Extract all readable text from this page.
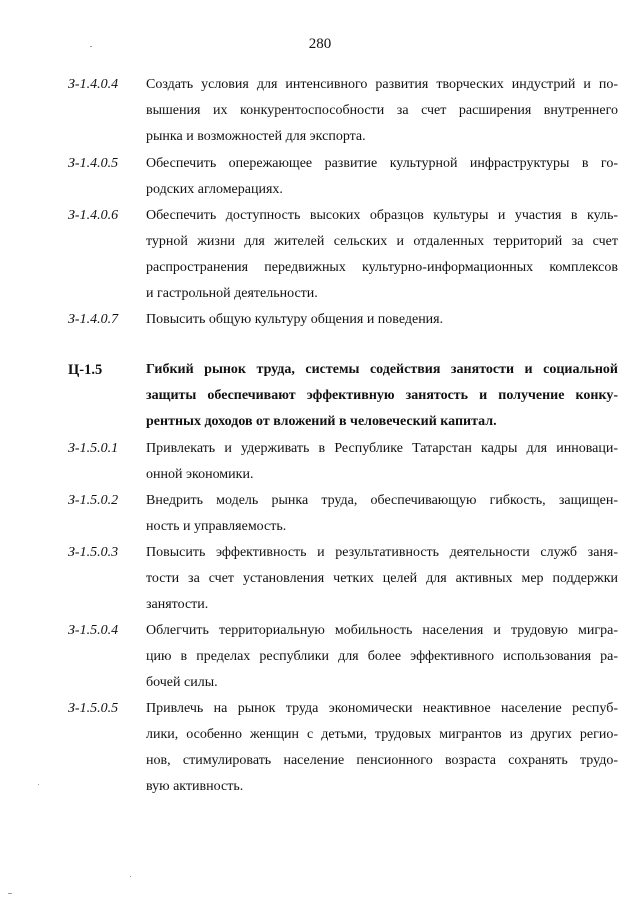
280
З-1.4.0.4 Создать условия для интенсивного развития творческих индустрий и по-
вышения их конкурентоспособности за счет расширения внутреннего
рынка и возможностей для экспорта.
З-1.4.0.5 Обеспечить опережающее развитие культурной инфраструктуры в го-
родских агломерациях.
З-1.4.0.6 Обеспечить доступность высоких образцов культуры и участия в куль-
турной жизни для жителей сельских и отдаленных территорий за счет
распространения передвижных культурно-информационных комплексов
и гастрольной деятельности.
З-1.4.0.7 Повысить общую культуру общения и поведения.
Ц-1.5	Гибкий рынок труда, системы содействия занятости и социальной
защиты обеспечивают эффективную занятость и получение конку-
рентных доходов от вложений в человеческий капитал.
З-1.5.0.1 Привлекать и удерживать в Республике Татарстан кадры для инноваци-
онной экономики.
З-1.5.0.2 Внедрить модель рынка труда, обеспечивающую гибкость, защищен-
ность и управляемость.
З-1.5.0.3 Повысить эффективность и результативность деятельности служб заня-
тости за счет установления четких целей для активных мер поддержки
занятости.
З-1.5.0.4 Облегчить территориальную мобильность населения и трудовую мигра-
цию в пределах республики для более эффективного использования ра-
бочей силы.
З-1.5.0.5 Привлечь на рынок труда экономически неактивное население респуб-
лики, особенно женщин с детьми, трудовых мигрантов из других регио-
нов, стимулировать население пенсионного возраста сохранять трудо-
вую активность.
